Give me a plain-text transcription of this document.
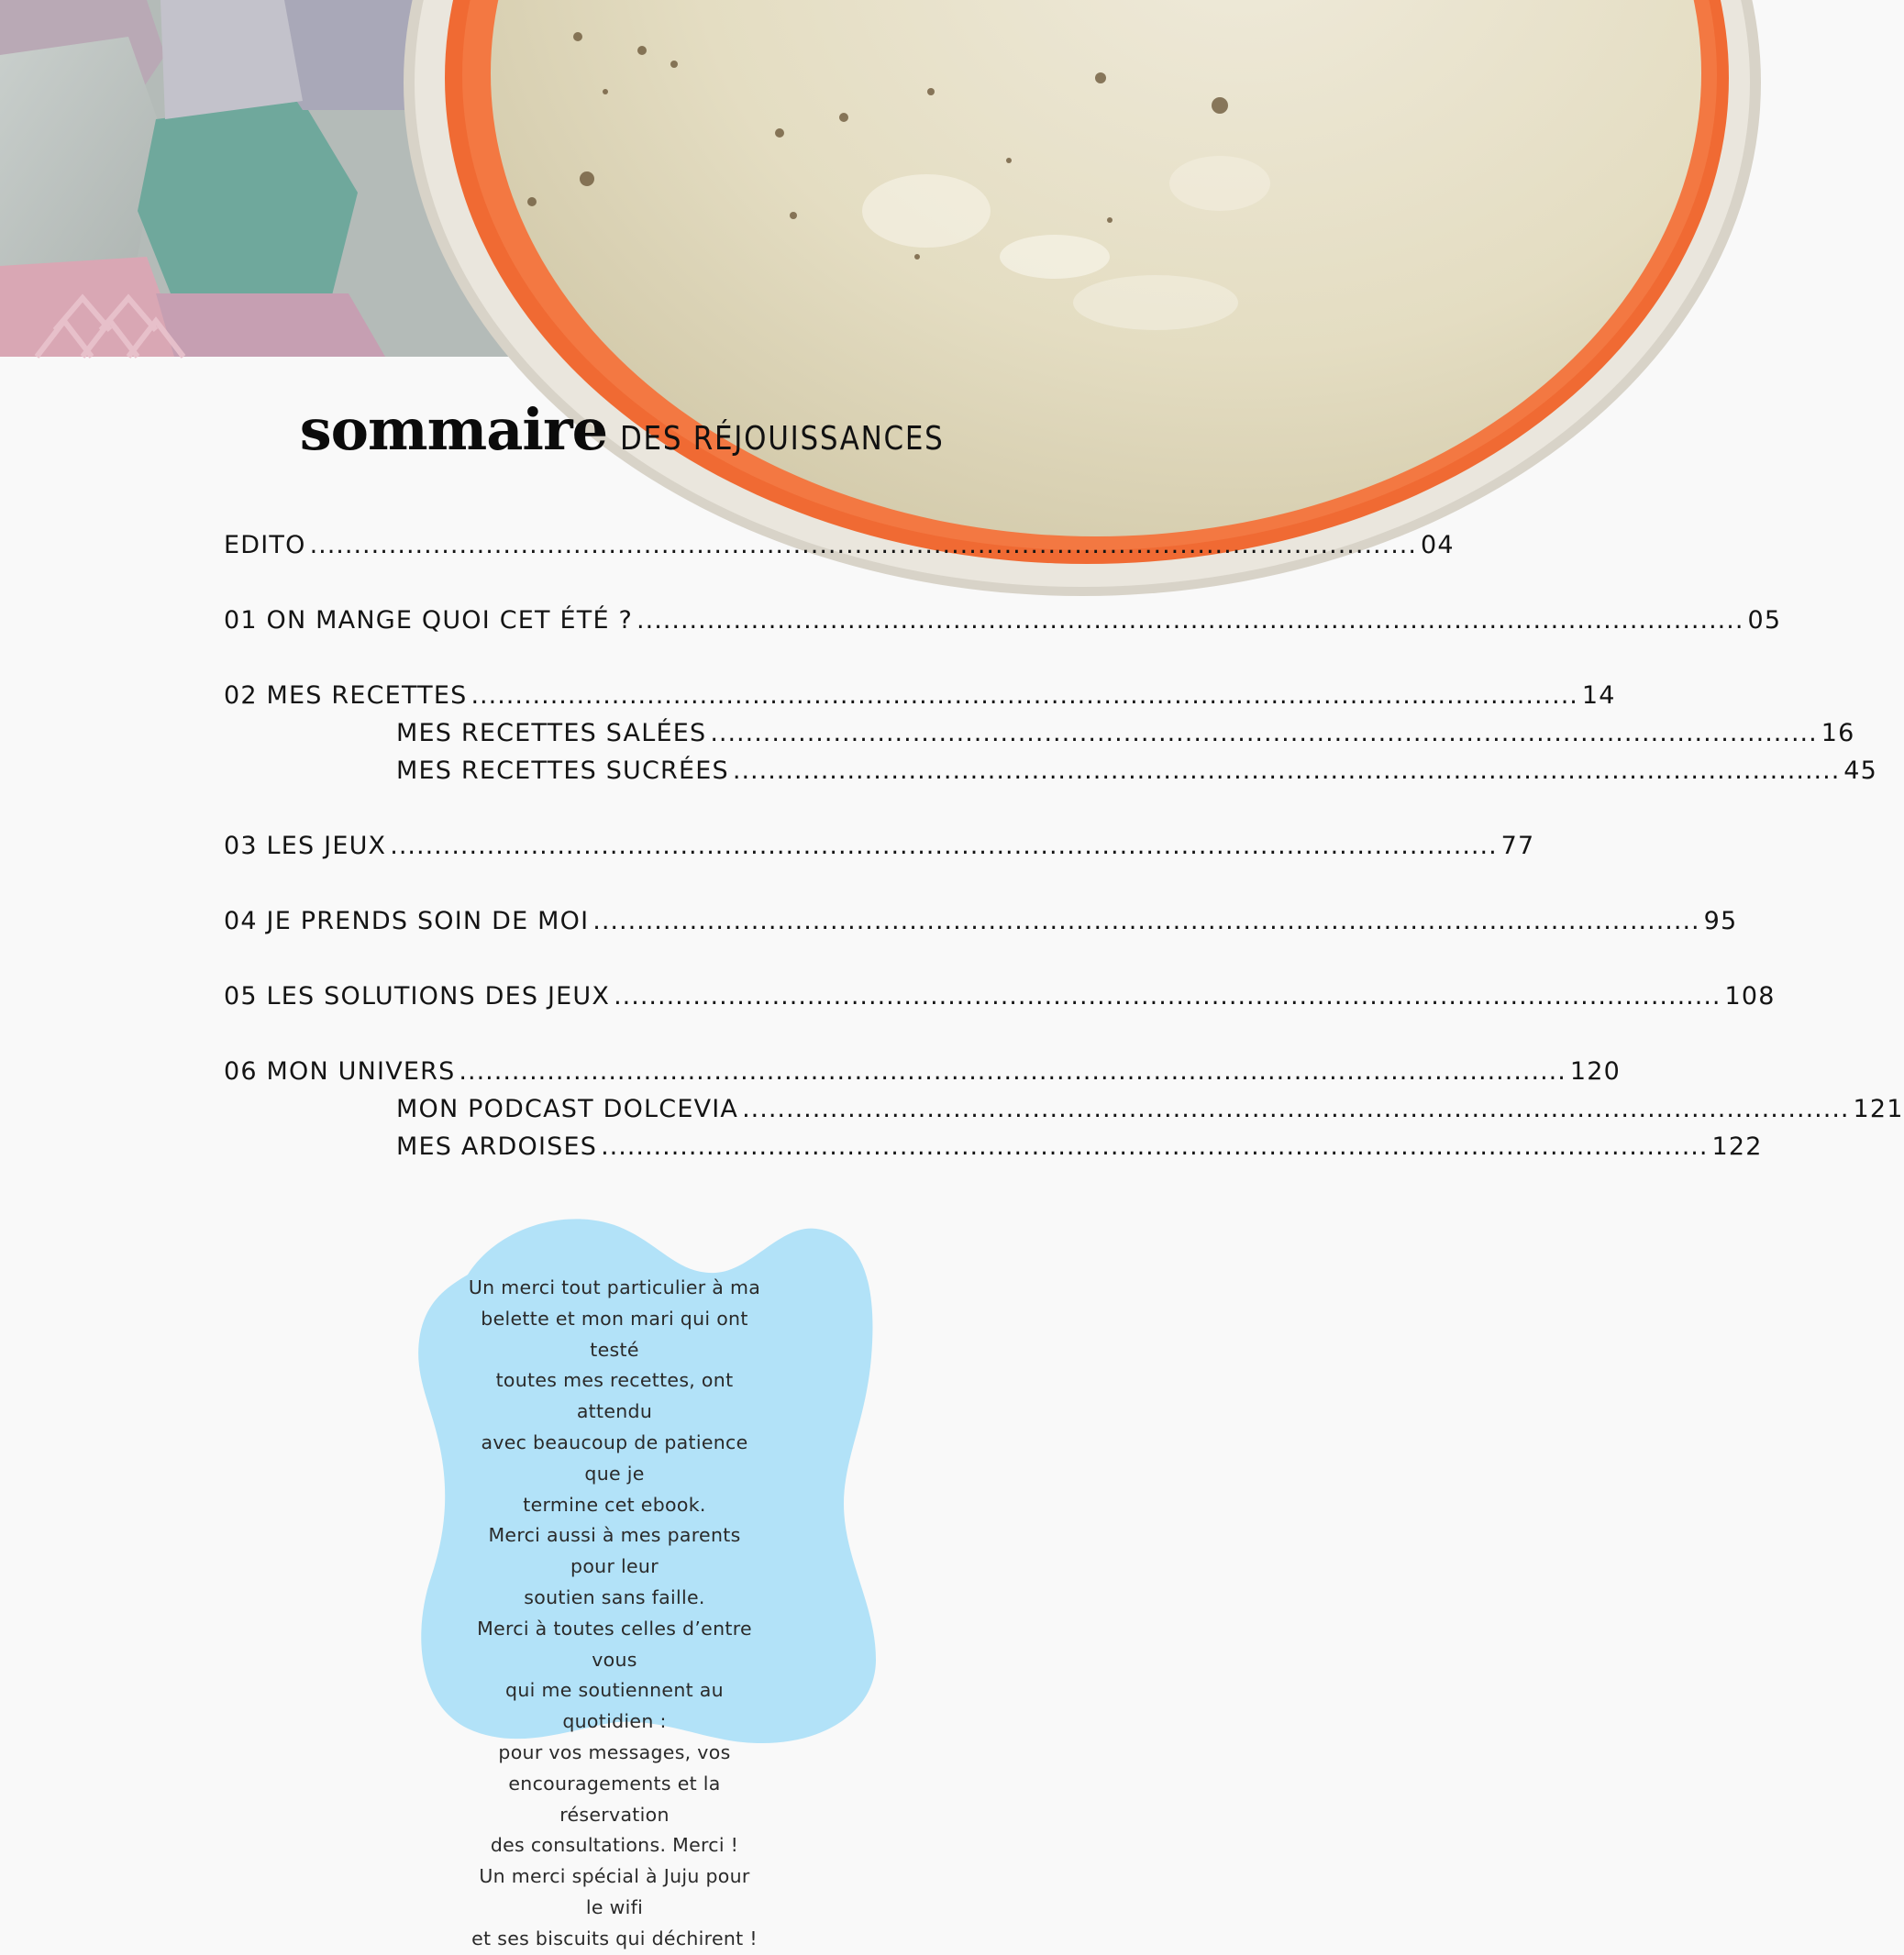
sommaire DES RÉJOUISSANCES
EDITO .............................................................................................................................. 04
01 ON MANGE QUOI CET ÉTÉ ? .............................................................................................................................. 05
02 MES RECETTES .............................................................................................................................. 14
MES RECETTES SALÉES .............................................................................................................................. 16
MES RECETTES SUCRÉES .............................................................................................................................. 45
03 LES JEUX .............................................................................................................................. 77
04 JE PRENDS SOIN DE MOI .............................................................................................................................. 95
05 LES SOLUTIONS DES JEUX .............................................................................................................................. 108
06 MON UNIVERS .............................................................................................................................. 120
MON PODCAST DOLCEVIA .............................................................................................................................. 121
MES ARDOISES .............................................................................................................................. 122

Un merci tout particulier à ma

belette et mon mari qui ont testé

toutes mes recettes, ont attendu

avec beaucoup de patience que je

termine cet ebook.

Merci aussi à mes parents pour leur

soutien sans faille.

Merci à toutes celles d’entre vous

qui me soutiennent au quotidien :

pour vos messages, vos

encouragements et la réservation

des consultations. Merci !

Un merci spécial à Juju pour le wifi

et ses biscuits qui déchirent !
